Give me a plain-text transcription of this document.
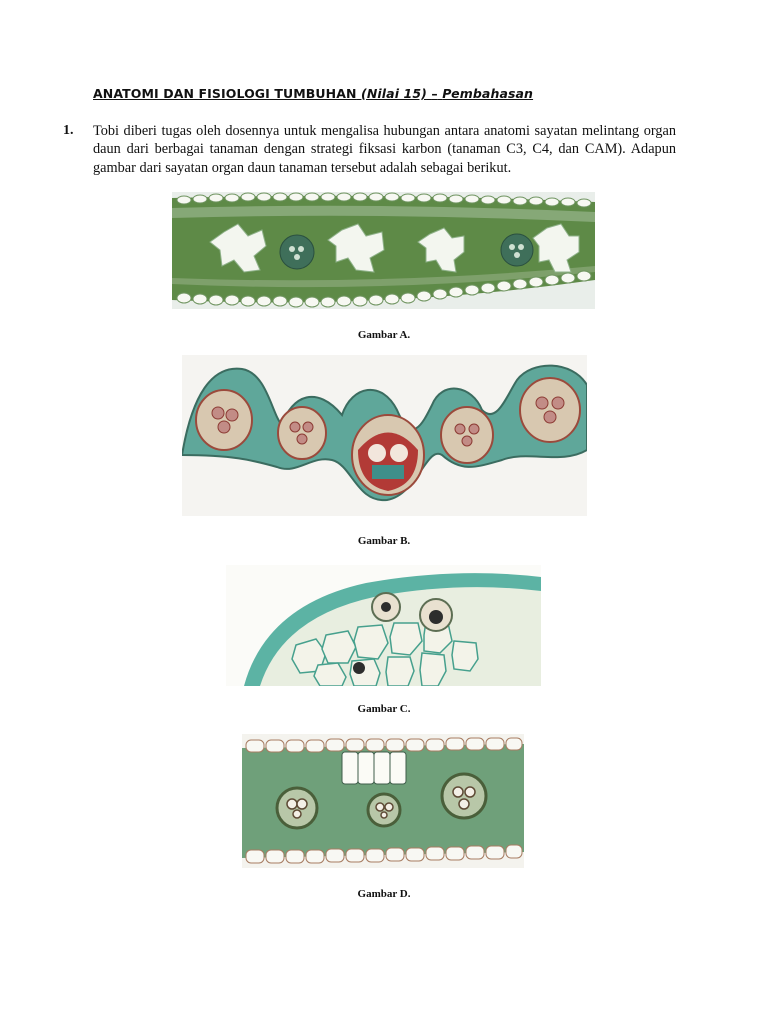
ANATOMI DAN FISIOLOGI TUMBUHAN (Nilai 15) – Pembahasan
1. Tobi diberi tugas oleh dosennya untuk mengalisa hubungan antara anatomi sayatan melintang organ daun dari berbagai tanaman dengan strategi fiksasi karbon (tanaman C3, C4, dan CAM). Adapun gambar dari sayatan organ daun tanaman tersebut adalah sebagai berikut.

Gambar A.
Gambar B.
Gambar C.
Gambar D.
